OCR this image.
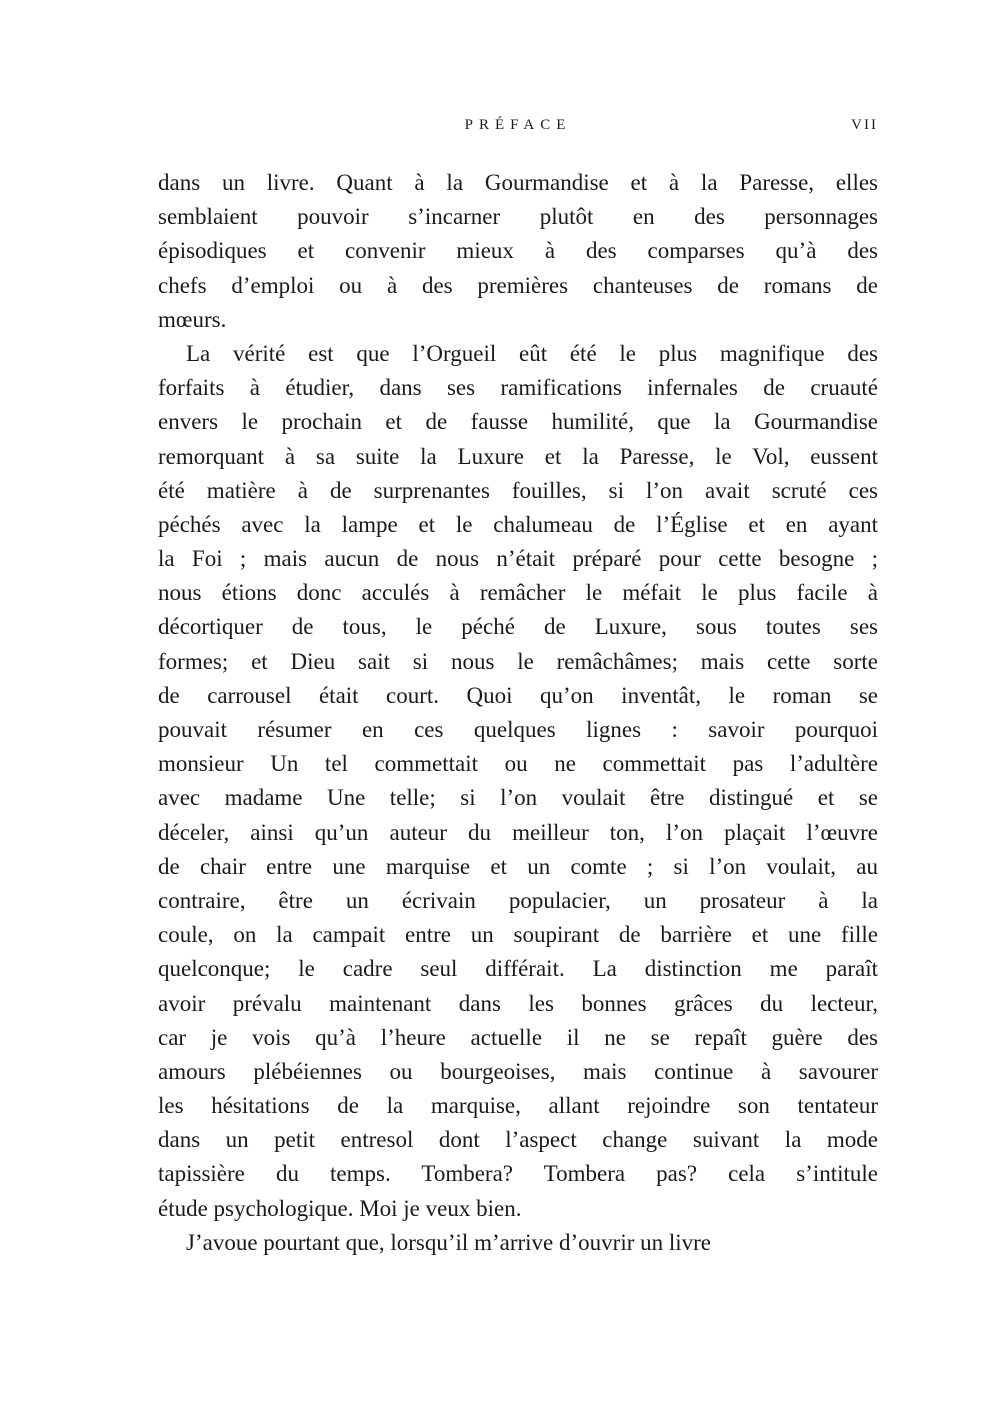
PRÉFACE	VII
dans un livre. Quant à la Gourmandise et à la Paresse, elles
semblaient pouvoir s’incarner plutôt en des personnages
épisodiques et convenir mieux à des comparses qu’à des
chefs d’emploi ou à des premières chanteuses de romans de
mœurs.
La vérité est que l’Orgueil eût été le plus magnifique des
forfaits à étudier, dans ses ramifications infernales de cruauté
envers le prochain et de fausse humilité, que la Gourmandise
remorquant à sa suite la Luxure et la Paresse, le Vol, eussent
été matière à de surprenantes fouilles, si l’on avait scruté ces
péchés avec la lampe et le chalumeau de l’Église et en ayant
la Foi ; mais aucun de nous n’était préparé pour cette besogne ;
nous étions donc acculés à remâcher le méfait le plus facile à
décortiquer de tous, le péché de Luxure, sous toutes ses
formes; et Dieu sait si nous le remâchâmes; mais cette sorte
de carrousel était court. Quoi qu’on inventât, le roman se
pouvait résumer en ces quelques lignes : savoir pourquoi
monsieur Un tel commettait ou ne commettait pas l’adultère
avec madame Une telle; si l’on voulait être distingué et se
déceler, ainsi qu’un auteur du meilleur ton, l’on plaçait l’œuvre
de chair entre une marquise et un comte ; si l’on voulait, au
contraire, être un écrivain populacier, un prosateur à la
coule, on la campait entre un soupirant de barrière et une fille
quelconque; le cadre seul différait. La distinction me paraît
avoir prévalu maintenant dans les bonnes grâces du lecteur,
car je vois qu’à l’heure actuelle il ne se repaît guère des
amours plébéiennes ou bourgeoises, mais continue à savourer
les hésitations de la marquise, allant rejoindre son tentateur
dans un petit entresol dont l’aspect change suivant la mode
tapissière du temps. Tombera? Tombera pas? cela s’intitule
étude psychologique. Moi je veux bien.
J’avoue pourtant que, lorsqu’il m’arrive d’ouvrir un livre
